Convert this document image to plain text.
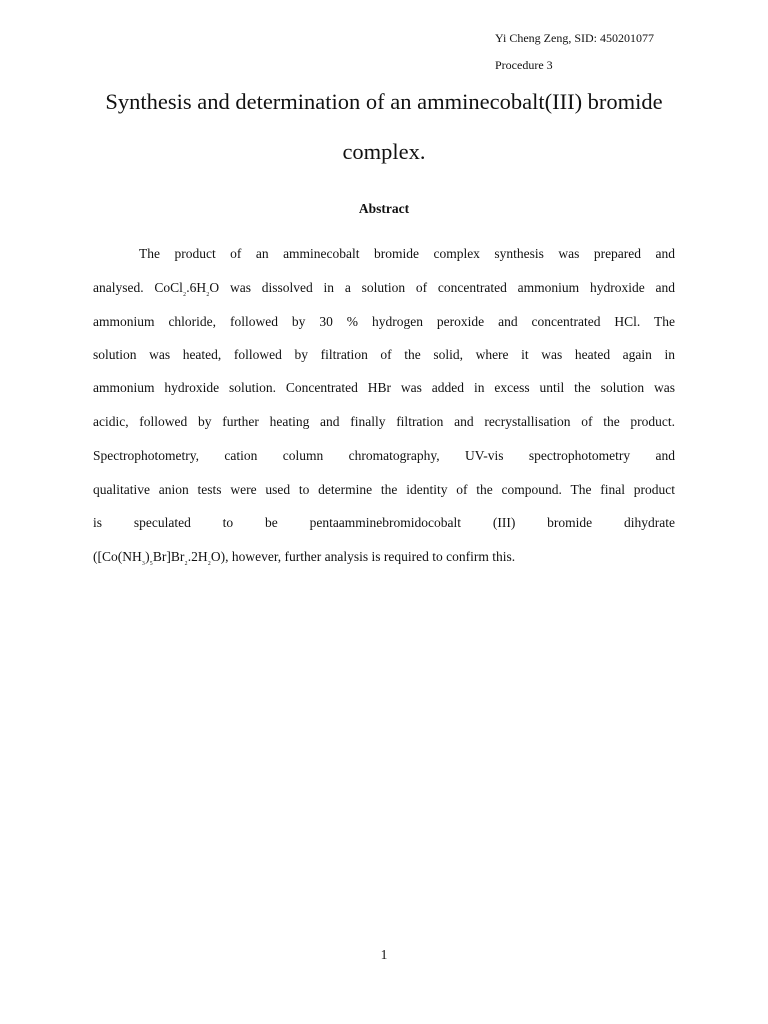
Yi Cheng Zeng, SID: 450201077
Procedure 3
Synthesis and determination of an amminecobalt(III) bromide
complex.
Abstract
The product of an amminecobalt bromide complex synthesis was prepared and
analysed. CoCl₂.6H₂O was dissolved in a solution of concentrated ammonium hydroxide and
ammonium chloride, followed by 30 % hydrogen peroxide and concentrated HCl. The
solution was heated, followed by filtration of the solid, where it was heated again in
ammonium hydroxide solution. Concentrated HBr was added in excess until the solution was
acidic, followed by further heating and finally filtration and recrystallisation of the product.
Spectrophotometry, cation column chromatography, UV-vis spectrophotometry and
qualitative anion tests were used to determine the identity of the compound. The final product
is speculated to be pentaamminebromidocobalt (III) bromide dihydrate
([Co(NH₃)₅Br]Br₂.2H₂O), however, further analysis is required to confirm this.
1
